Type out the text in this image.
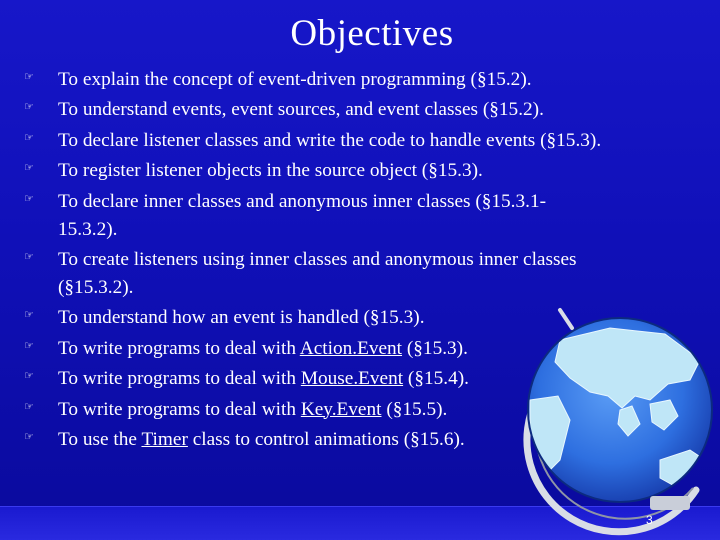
Objectives
☞ To explain the concept of event-driven programming (§15.2).
☞ To understand events, event sources, and event classes (§15.2).
☞ To declare listener classes and write the code to handle events (§15.3).
☞ To register listener objects in the source object (§15.3).
☞ To declare inner classes and anonymous inner classes (§15.3.1-
15.3.2).
☞ To create listeners using inner classes and anonymous inner classes
(§15.3.2).
☞ To understand how an event is handled (§15.3).
☞ To write programs to deal with Action.Event (§15.3).
☞ To write programs to deal with Mouse.Event (§15.4).
☞ To write programs to deal with Key.Event (§15.5).
☞ To use the Timer class to control animations (§15.6).
3
